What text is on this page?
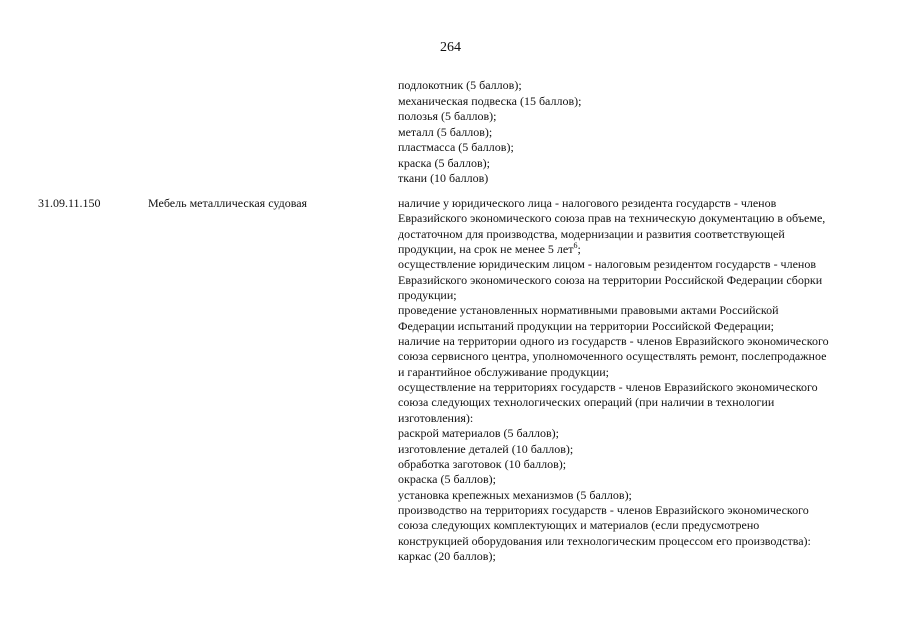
264
подлокотник (5 баллов);
механическая подвеска (15 баллов);
полозья (5 баллов);
металл (5 баллов);
пластмасса (5 баллов);
краска (5 баллов);
ткани (10 баллов)
31.09.11.150	Мебель металлическая судовая	наличие у юридического лица - налогового резидента государств - членов
Евразийского экономического союза прав на техническую документацию в объеме,
достаточном для производства, модернизации и развития соответствующей
продукции, на срок не менее 5 лет$^6$;
осуществление юридическим лицом - налоговым резидентом государств - членов
Евразийского экономического союза на территории Российской Федерации сборки
продукции;
проведение установленных нормативными правовыми актами Российской
Федерации испытаний продукции на территории Российской Федерации;
наличие на территории одного из государств - членов Евразийского экономического
союза сервисного центра, уполномоченного осуществлять ремонт, послепродажное
и гарантийное обслуживание продукции;
осуществление на территориях государств - членов Евразийского экономического
союза следующих технологических операций (при наличии в технологии
изготовления):
раскрой материалов (5 баллов);
изготовление деталей (10 баллов);
обработка заготовок (10 баллов);
окраска (5 баллов);
установка крепежных механизмов (5 баллов);
производство на территориях государств - членов Евразийского экономического
союза следующих комплектующих и материалов (если предусмотрено
конструкцией оборудования или технологическим процессом его производства):
каркас (20 баллов);
